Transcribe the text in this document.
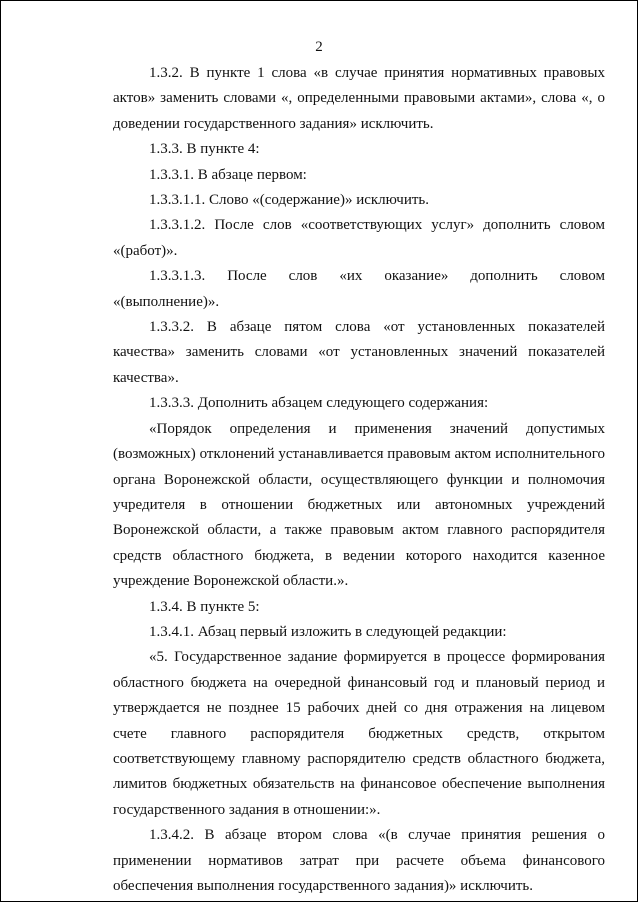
2

1.3.2. В пункте 1 слова «в случае принятия нормативных правовых актов» заменить словами «, определенными правовыми актами», слова «, о доведении государственного задания» исключить.

1.3.3. В пункте 4:

1.3.3.1. В абзаце первом:

1.3.3.1.1. Слово «(содержание)» исключить.

1.3.3.1.2. После слов «соответствующих услуг» дополнить словом «(работ)».

1.3.3.1.3. После слов «их оказание» дополнить словом «(выполнение)».

1.3.3.2. В абзаце пятом слова «от установленных показателей качества» заменить словами «от установленных значений показателей качества».

1.3.3.3. Дополнить абзацем следующего содержания:

«Порядок определения и применения значений допустимых (возможных) отклонений устанавливается правовым актом исполнительного органа Воронежской области, осуществляющего функции и полномочия учредителя в отношении бюджетных или автономных учреждений Воронежской области, а также правовым актом главного распорядителя средств областного бюджета, в ведении которого находится казенное учреждение Воронежской области.».

1.3.4. В пункте 5:

1.3.4.1. Абзац первый изложить в следующей редакции:

«5. Государственное задание формируется в процессе формирования областного бюджета на очередной финансовый год и плановый период и утверждается не позднее 15 рабочих дней со дня отражения на лицевом счете главного распорядителя бюджетных средств, открытом соответствующему главному распорядителю средств областного бюджета, лимитов бюджетных обязательств на финансовое обеспечение выполнения государственного задания в отношении:».

1.3.4.2. В абзаце втором слова «(в случае принятия решения о применении нормативов затрат при расчете объема финансового обеспечения выполнения государственного задания)» исключить.
